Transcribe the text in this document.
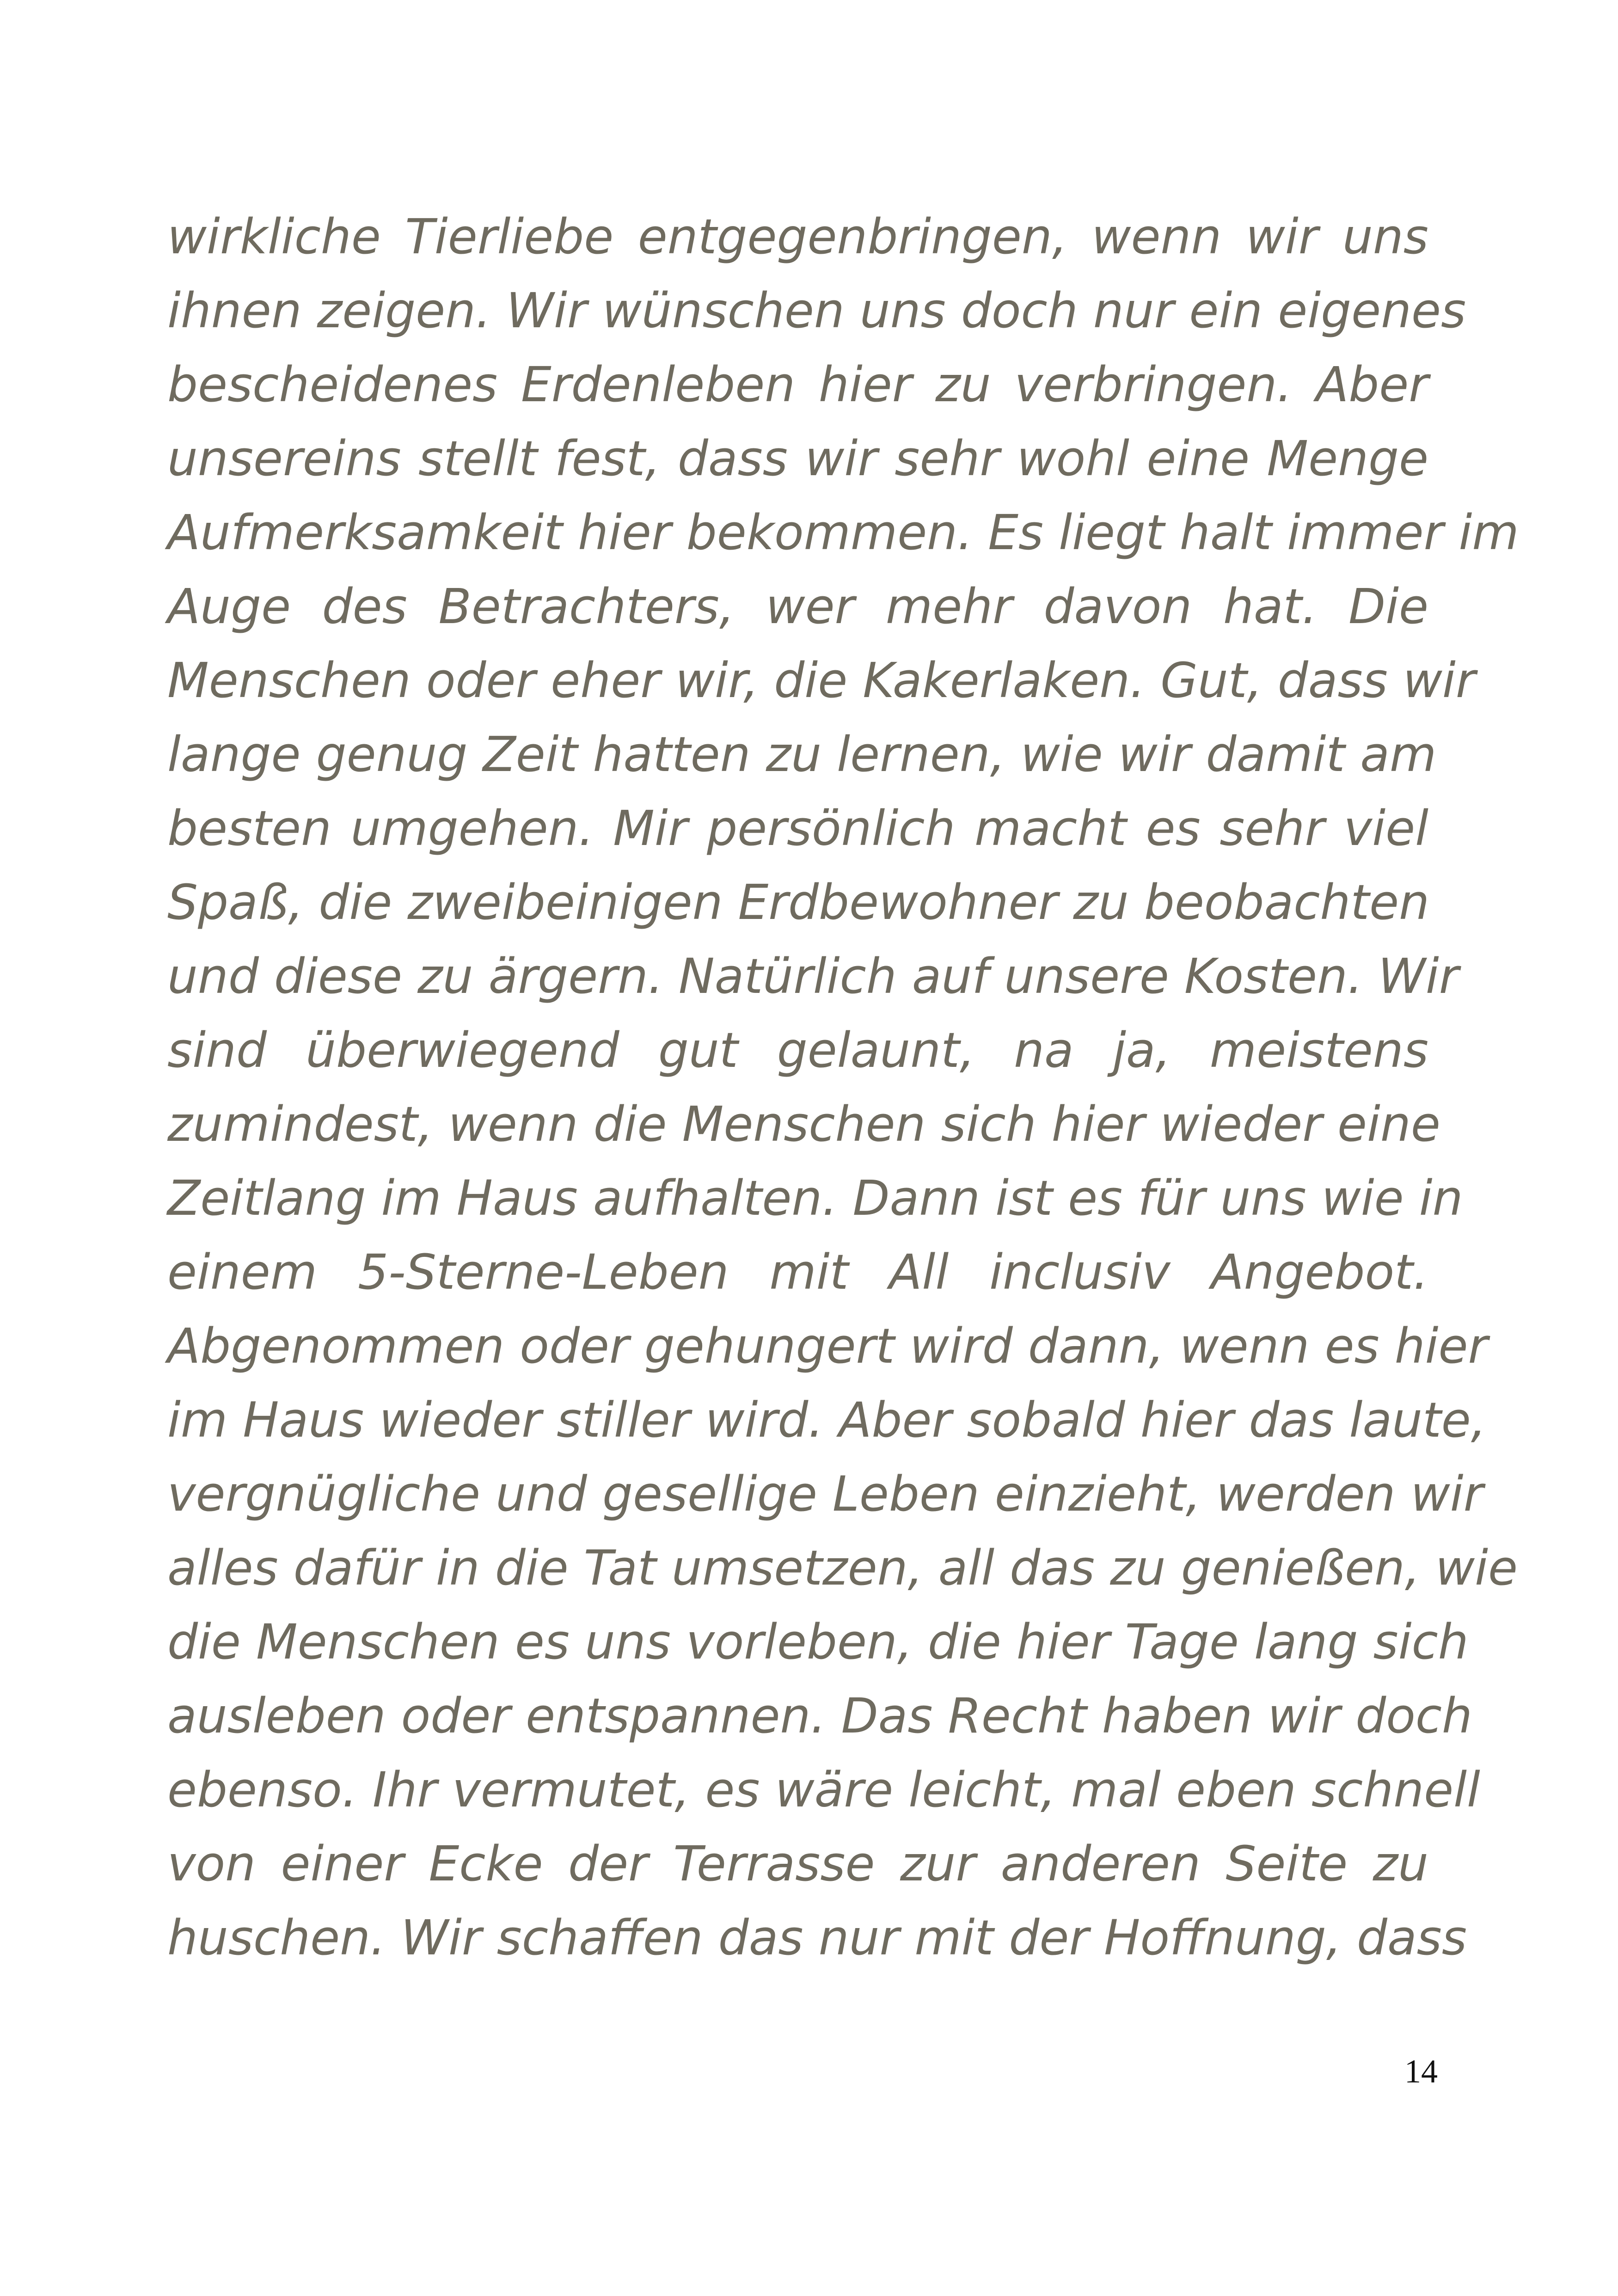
wirkliche Tierliebe entgegenbringen, wenn wir uns
ihnen zeigen. Wir wünschen uns doch nur ein eigenes
bescheidenes Erdenleben hier zu verbringen. Aber
unsereins stellt fest, dass wir sehr wohl eine Menge
Aufmerksamkeit hier bekommen. Es liegt halt immer im
Auge des Betrachters, wer mehr davon hat. Die
Menschen oder eher wir, die Kakerlaken. Gut, dass wir
lange genug Zeit hatten zu lernen, wie wir damit am
besten umgehen. Mir persönlich macht es sehr viel
Spaß, die zweibeinigen Erdbewohner zu beobachten
und diese zu ärgern. Natürlich auf unsere Kosten. Wir
sind überwiegend gut gelaunt, na ja, meistens
zumindest, wenn die Menschen sich hier wieder eine
Zeitlang im Haus aufhalten. Dann ist es für uns wie in
einem 5-Sterne-Leben mit All inclusiv Angebot.
Abgenommen oder gehungert wird dann, wenn es hier
im Haus wieder stiller wird. Aber sobald hier das laute,
vergnügliche und gesellige Leben einzieht, werden wir
alles dafür in die Tat umsetzen, all das zu genießen, wie
die Menschen es uns vorleben, die hier Tage lang sich
ausleben oder entspannen. Das Recht haben wir doch
ebenso. Ihr vermutet, es wäre leicht, mal eben schnell
von einer Ecke der Terrasse zur anderen Seite zu
huschen. Wir schaffen das nur mit der Hoffnung, dass
14
